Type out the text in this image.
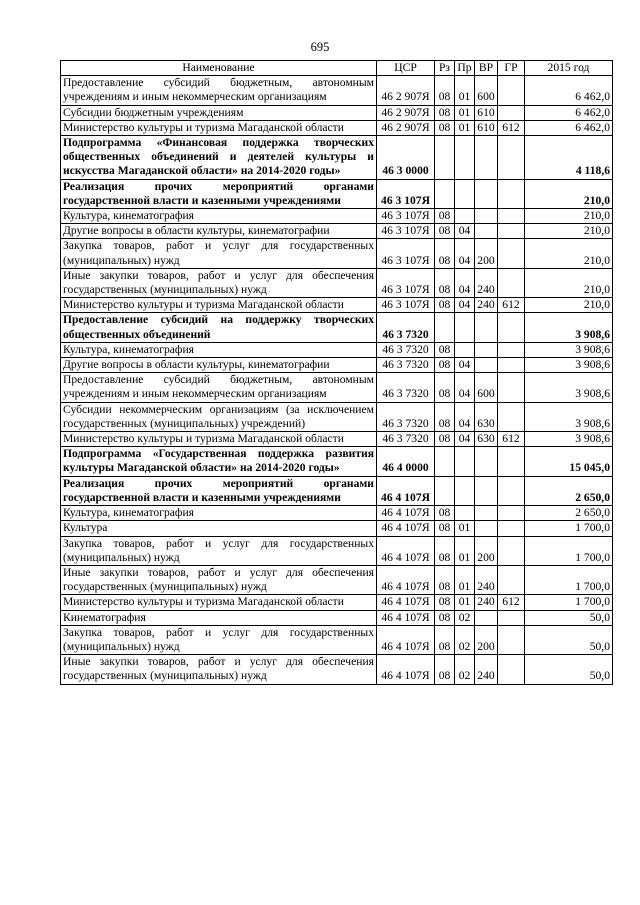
695
Наименование	ЦСР	Рз	Пр	ВР	ГР	2015 год

Предоставление субсидий бюджетным, автономным учреждениям и иным некоммерческим организациям	46 2 907Я	08	01	600		6 462,0

Субсидии бюджетным учреждениям	46 2 907Я	08	01	610		6 462,0

Министерство культуры и туризма Магаданской области	46 2 907Я	08	01	610	612	6 462,0

Подпрограмма «Финансовая поддержка творческих общественных объединений и деятелей культуры и искусства Магаданской области» на 2014-2020 годы»	46 3 0000					4 118,6

Реализация прочих мероприятий органами государственной власти и казенными учреждениями	46 3 107Я					210,0

Культура, кинематография	46 3 107Я	08				210,0

Другие вопросы в области культуры, кинематографии	46 3 107Я	08	04			210,0

Закупка товаров, работ и услуг для государственных (муниципальных) нужд	46 3 107Я	08	04	200		210,0

Иные закупки товаров, работ и услуг для обеспечения государственных (муниципальных) нужд	46 3 107Я	08	04	240		210,0

Министерство культуры и туризма Магаданской области	46 3 107Я	08	04	240	612	210,0

Предоставление субсидий на поддержку творческих общественных объединений	46 3 7320					3 908,6

Культура, кинематография	46 3 7320	08				3 908,6

Другие вопросы в области культуры, кинематографии	46 3 7320	08	04			3 908,6

Предоставление субсидий бюджетным, автономным учреждениям и иным некоммерческим организациям	46 3 7320	08	04	600		3 908,6

Субсидии некоммерческим организациям (за исключением государственных (муниципальных) учреждений)	46 3 7320	08	04	630		3 908,6

Министерство культуры и туризма Магаданской области	46 3 7320	08	04	630	612	3 908,6

Подпрограмма «Государственная поддержка развития культуры Магаданской области» на 2014-2020 годы»	46 4 0000					15 045,0

Реализация прочих мероприятий органами государственной власти и казенными учреждениями	46 4 107Я					2 650,0

Культура, кинематография	46 4 107Я	08				2 650,0

Культура	46 4 107Я	08	01			1 700,0

Закупка товаров, работ и услуг для государственных (муниципальных) нужд	46 4 107Я	08	01	200		1 700,0

Иные закупки товаров, работ и услуг для обеспечения государственных (муниципальных) нужд	46 4 107Я	08	01	240		1 700,0

Министерство культуры и туризма Магаданской области	46 4 107Я	08	01	240	612	1 700,0

Кинематография	46 4 107Я	08	02			50,0

Закупка товаров, работ и услуг для государственных (муниципальных) нужд	46 4 107Я	08	02	200		50,0

Иные закупки товаров, работ и услуг для обеспечения государственных (муниципальных) нужд	46 4 107Я	08	02	240		50,0
